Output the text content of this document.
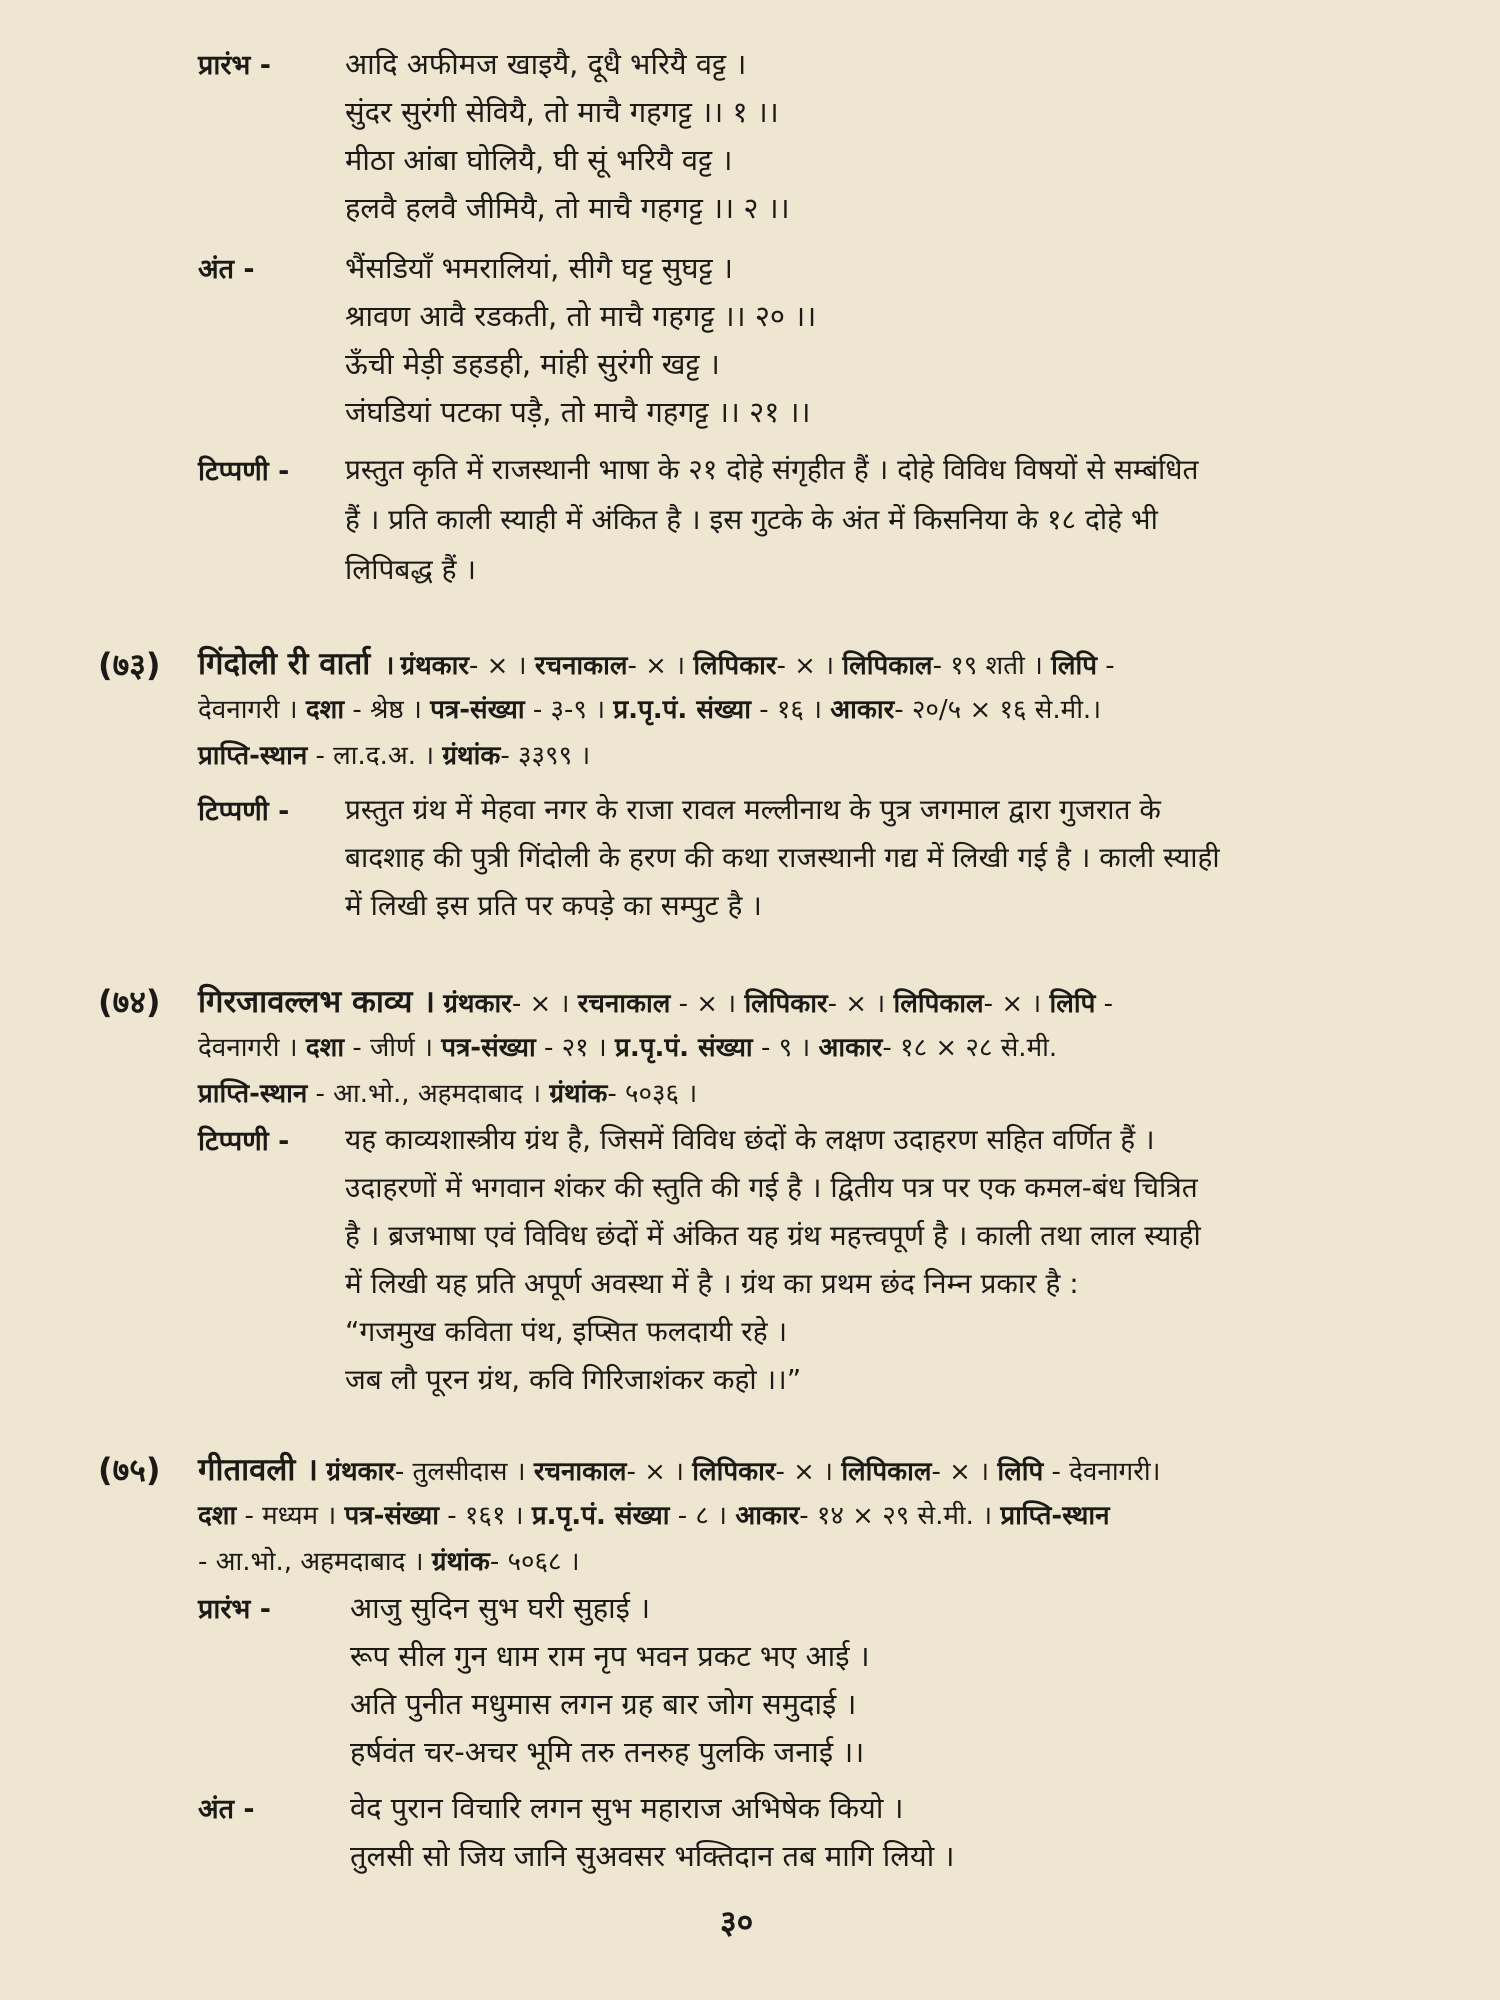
प्रारंभ -	आदि अफीमज खाइयै, दूधै भरियै वट्ट ।
सुंदर सुरंगी सेवियै, तो माचै गहगट्ट ।। १ ।।
मीठा आंबा घोलियै, घी सूं भरियै वट्ट ।
हलवै हलवै जीमियै, तो माचै गहगट्ट ।। २ ।।
अंत -	भैंसडियाँ भमरालियां, सीगै घट्ट सुघट्ट ।
श्रावण आवै रडकती, तो माचै गहगट्ट ।। २० ।।
ऊँची मेड़ी डहडही, मांही सुरंगी खट्ट ।
जंघडियां पटका पड़ै, तो माचै गहगट्ट ।। २१ ।।
टिप्पणी - प्रस्तुत कृति में राजस्थानी भाषा के २१ दोहे संगृहीत हैं । दोहे विविध विषयों से सम्बंधित
हैं । प्रति काली स्याही में अंकित है । इस गुटके के अंत में किसनिया के १८ दोहे भी
लिपिबद्ध हैं ।
(७३) गिंदोली री वार्ता । ग्रंथकार- × । रचनाकाल- × । लिपिकार- × । लिपिकाल- १९ शती । लिपि -
देवनागरी । दशा - श्रेष्ठ । पत्र-संख्या - ३-९ । प्र.पृ.पं. संख्या - १६ । आकार- २०/५ × १६ से.मी.।
प्राप्ति-स्थान - ला.द.अ. । ग्रंथांक- ३३९९ ।
टिप्पणी - प्रस्तुत ग्रंथ में मेहवा नगर के राजा रावल मल्लीनाथ के पुत्र जगमाल द्वारा गुजरात के
बादशाह की पुत्री गिंदोली के हरण की कथा राजस्थानी गद्य में लिखी गई है । काली स्याही
में लिखी इस प्रति पर कपड़े का सम्पुट है ।
(७४) गिरजावल्लभ काव्य । ग्रंथकार- × । रचनाकाल - × । लिपिकार- × । लिपिकाल- × । लिपि -
देवनागरी । दशा - जीर्ण । पत्र-संख्या - २१ । प्र.पृ.पं. संख्या - ९ । आकार- १८ × २८ से.मी.
प्राप्ति-स्थान - आ.भो., अहमदाबाद । ग्रंथांक- ५०३६ ।
टिप्पणी - यह काव्यशास्त्रीय ग्रंथ है, जिसमें विविध छंदों के लक्षण उदाहरण सहित वर्णित हैं ।
उदाहरणों में भगवान शंकर की स्तुति की गई है । द्वितीय पत्र पर एक कमल-बंध चित्रित
है । ब्रजभाषा एवं विविध छंदों में अंकित यह ग्रंथ महत्त्वपूर्ण है । काली तथा लाल स्याही
में लिखी यह प्रति अपूर्ण अवस्था में है । ग्रंथ का प्रथम छंद निम्न प्रकार है :
“गजमुख कविता पंथ, इप्सित फलदायी रहे ।
जब लौ पूरन ग्रंथ, कवि गिरिजाशंकर कहो ।।”
(७५) गीतावली । ग्रंथकार- तुलसीदास । रचनाकाल- × । लिपिकार- × । लिपिकाल- × । लिपि - देवनागरी।
दशा - मध्यम । पत्र-संख्या - १६१ । प्र.पृ.पं. संख्या - ८ । आकार- १४ × २९ से.मी. । प्राप्ति-स्थान
- आ.भो., अहमदाबाद । ग्रंथांक- ५०६८ ।
प्रारंभ -	आजु सुदिन सुभ घरी सुहाई ।
रूप सील गुन धाम राम नृप भवन प्रकट भए आई ।
अति पुनीत मधुमास लगन ग्रह बार जोग समुदाई ।
हर्षवंत चर-अचर भूमि तरु तनरुह पुलकि जनाई ।।
अंत -	वेद पुरान विचारि लगन सुभ महाराज अभिषेक कियो ।
तुलसी सो जिय जानि सुअवसर भक्तिदान तब मागि लियो ।
३०
